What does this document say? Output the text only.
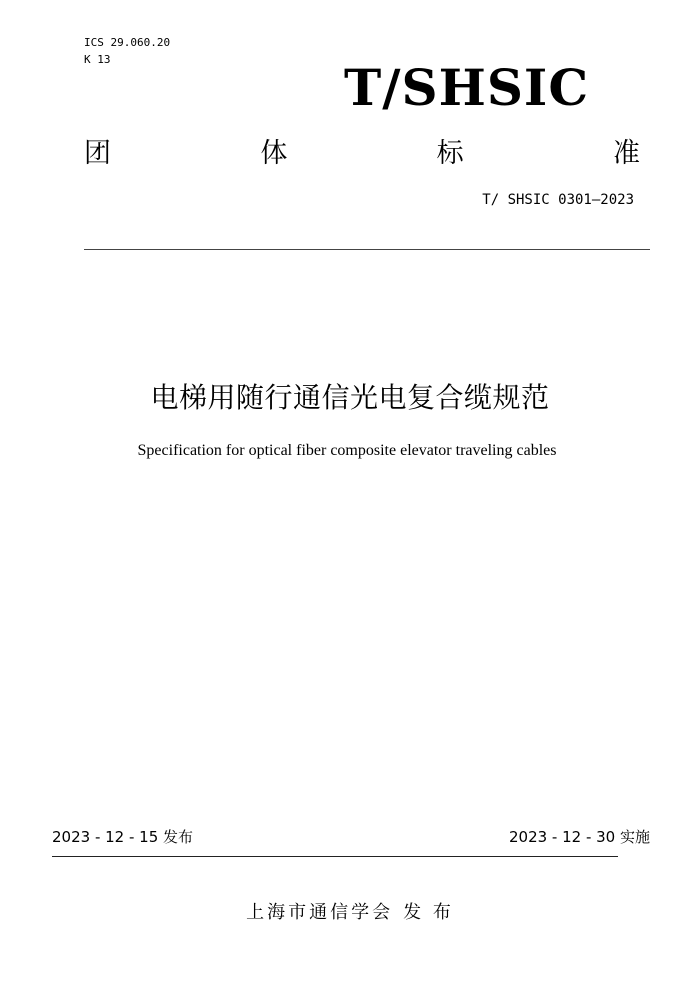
ICS 29.060.20
K 13	T/SHSIC
团	体	标	准
T/ SHSIC 0301—2023
电梯用随行通信光电复合缆规范
Specification for optical fiber composite elevator traveling cables
2023 - 12 - 15 发布	2023 - 12 - 30 实施
上海市通信学会 发 布
